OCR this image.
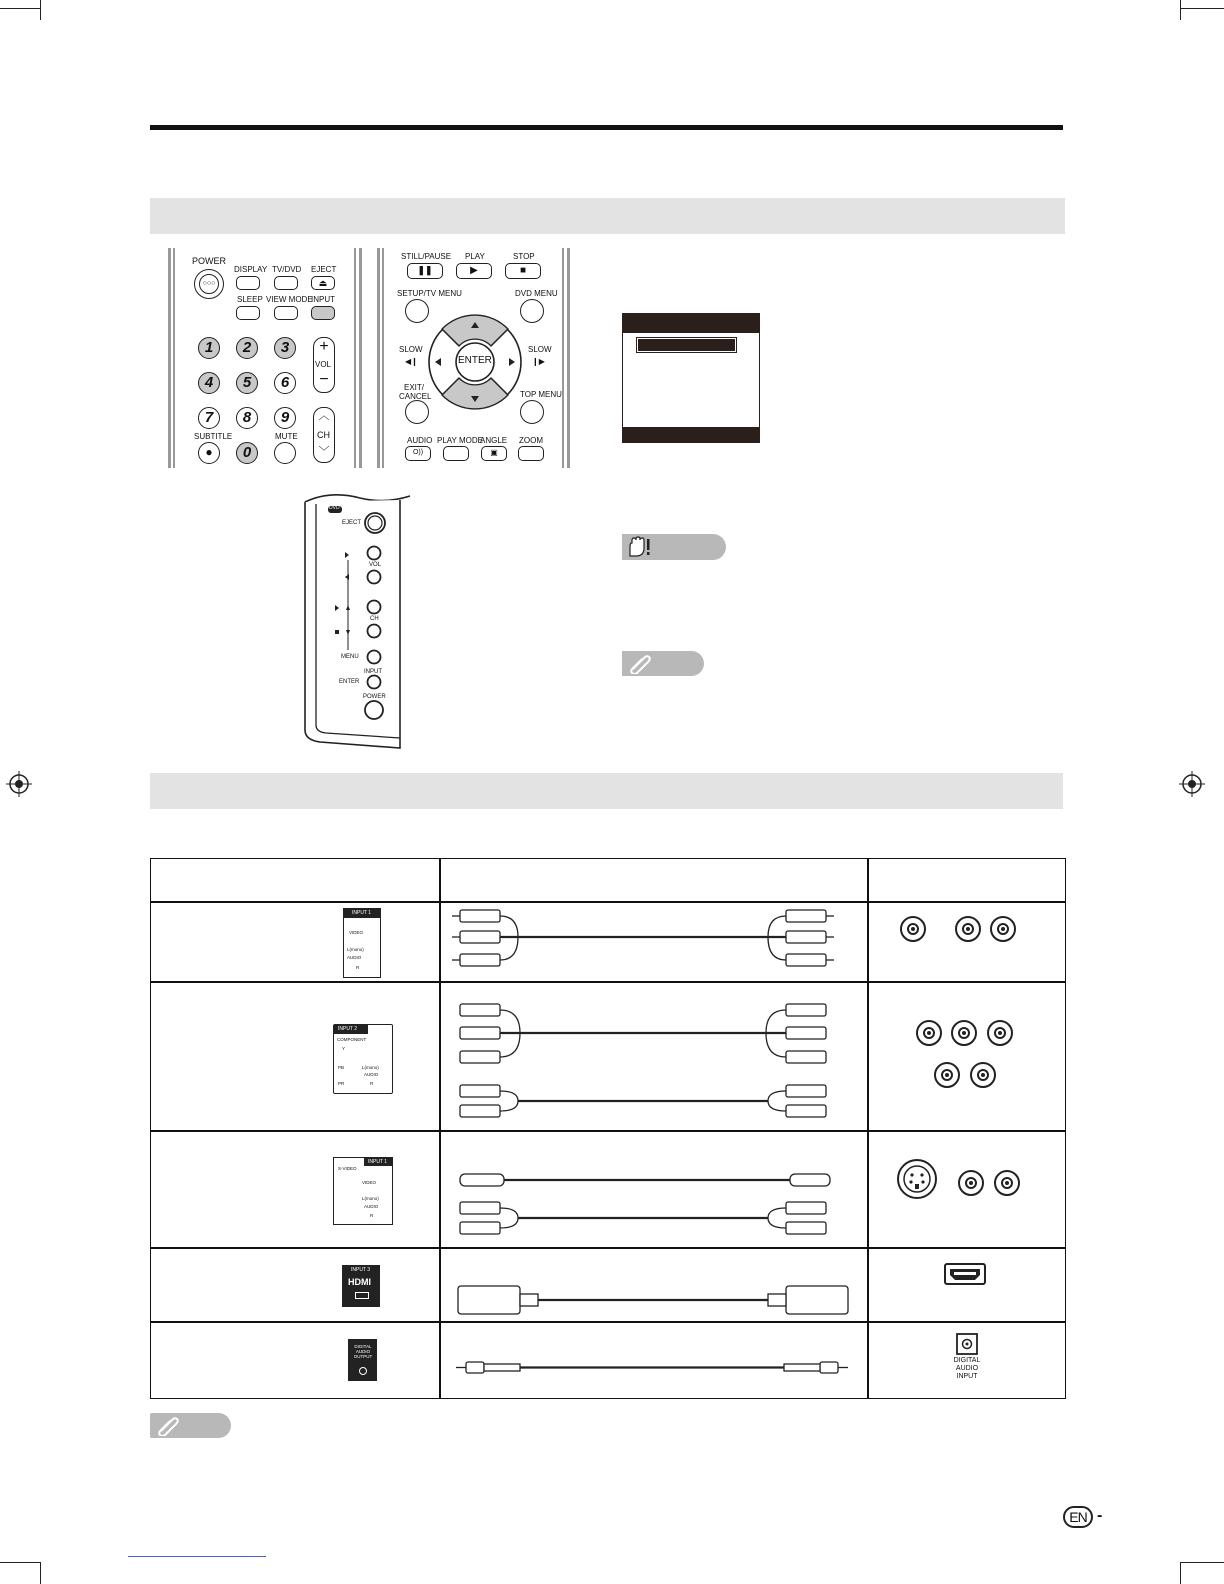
POWER
○○○
DISPLAY TV/DVD EJECT
⏏
SLEEP VIEW MODE
INPUT
1	2	3
4	5	6
7	8	9
0
+
VOL
−
︿
CH
﹀
SUBTITLE
●
MUTE
STILL/PAUSE
❚❚
PLAY
▶
STOP
■
SETUP/TV MENU	DVD MENU
ENTER
SLOW
◀❙
SLOW
❙▶
EXIT/ CANCEL	TOP MENU
AUDIO
O))
PLAY MODE
ANGLE
▣
ZOOM
DVD
EJECT
VOL
CH
MENU
INPUT
ENTER
POWER
INPUT 1
VIDEO
L(mono)
AUDIO
R
INPUT 2
COMPONENT
Y
PB
PR
L(mono)
AUDIO
R
INPUT 1
S-VIDEO
VIDEO
L(mono)
AUDIO
R
INPUT 3
HDMI
DIGITAL AUDIO OUTPUT
DIGITAL AUDIO INPUT
EN -
